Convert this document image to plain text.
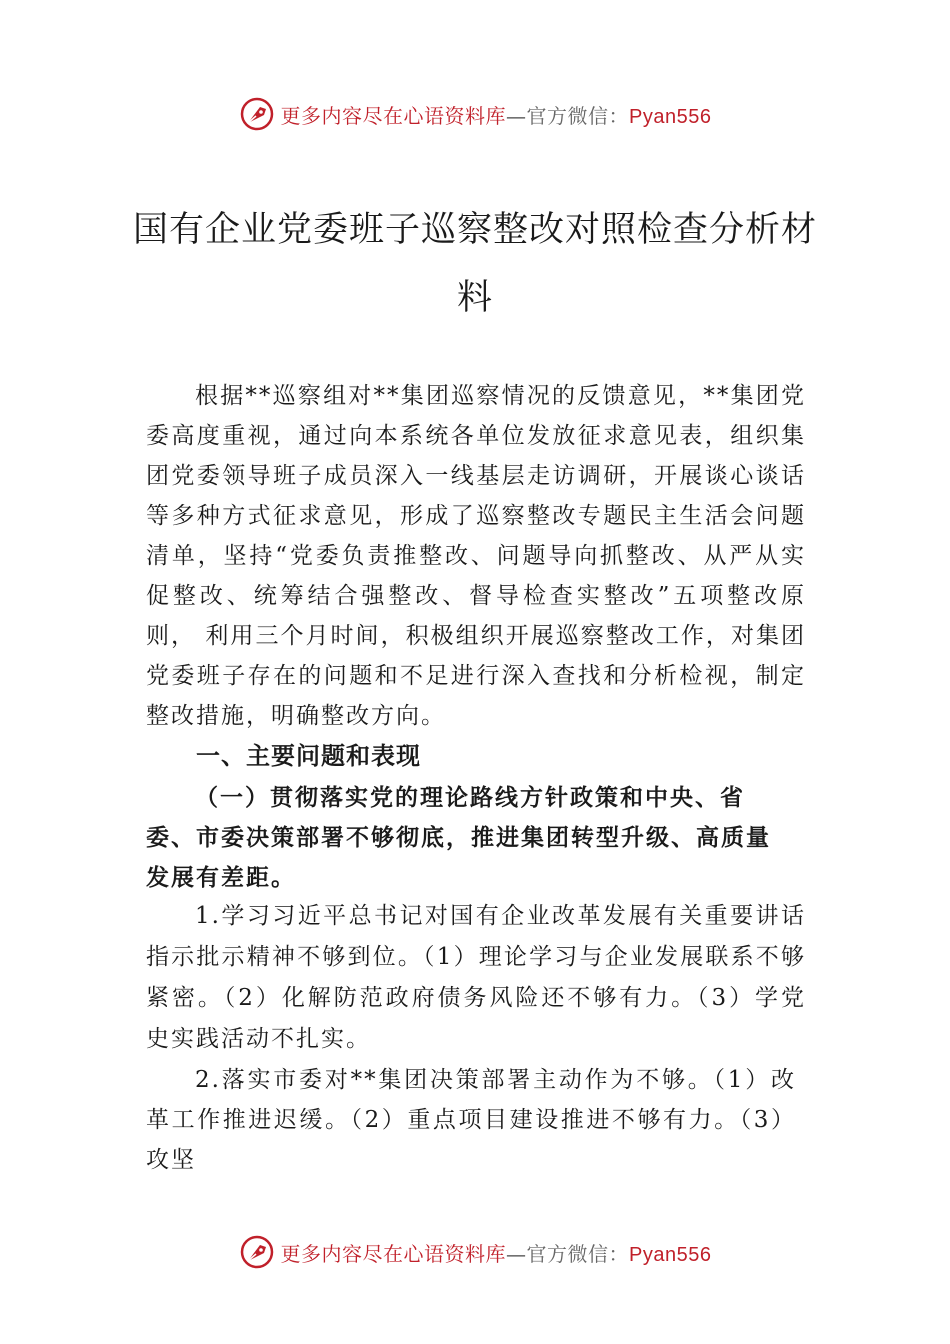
更多内容尽在心语资料库—官方微信：Pyan556
国有企业党委班子巡察整改对照检查分析材料

根据**巡察组对**集团巡察情况的反馈意见，**集团党委高度重视，通过向本系统各单位发放征求意见表，组织集团党委领导班子成员深入一线基层走访调研，开展谈心谈话等多种方式征求意见，形成了巡察整改专题民主生活会问题清单，坚持“党委负责推整改、问题导向抓整改、从严从实 促整改、统筹结合强整改、督导检查实整改”五项整改原则， 利用三个月时间，积极组织开展巡察整改工作，对集团党委班子存在的问题和不足进行深入查找和分析检视，制定整改措施，明确整改方向。

一、主要问题和表现
（一）贯彻落实党的理论路线方针政策和中央、省委、市委决策部署不够彻底，推进集团转型升级、高质量发展有差距。

1.学习习近平总书记对国有企业改革发展有关重要讲话指示批示精神不够到位。（1）理论学习与企业发展联系不够紧密。（2）化解防范政府债务风险还不够有力。（3）学党史实践活动不扎实。

2.落实市委对**集团决策部署主动作为不够。（1）改革工作推进迟缓。（2）重点项目建设推进不够有力。（3）攻坚

更多内容尽在心语资料库—官方微信：Pyan556
